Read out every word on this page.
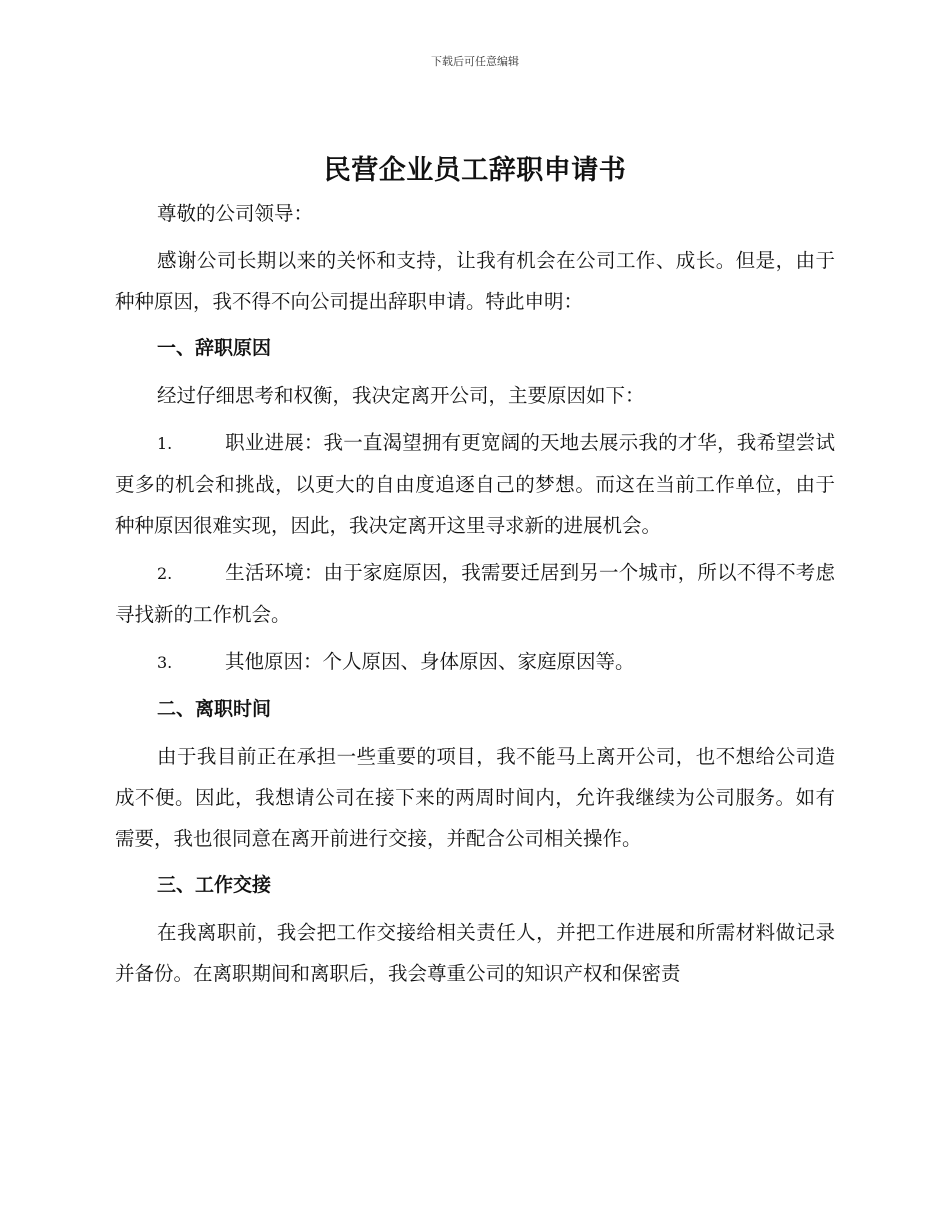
下载后可任意编辑
民营企业员工辞职申请书

尊敬的公司领导：

感谢公司长期以来的关怀和支持，让我有机会在公司工作、成长。但是，由于种种原因，我不得不向公司提出辞职申请。特此申明：

一、辞职原因

经过仔细思考和权衡，我决定离开公司，主要原因如下：

1.	职业进展：我一直渴望拥有更宽阔的天地去展示我的才华，我希望尝试更多的机会和挑战，以更大的自由度追逐自己的梦想。而这在当前工作单位，由于种种原因很难实现，因此，我决定离开这里寻求新的进展机会。

2.	生活环境：由于家庭原因，我需要迁居到另一个城市，所以不得不考虑寻找新的工作机会。

3.	其他原因：个人原因、身体原因、家庭原因等。

二、离职时间

由于我目前正在承担一些重要的项目，我不能马上离开公司，也不想给公司造成不便。因此，我想请公司在接下来的两周时间内，允许我继续为公司服务。如有需要，我也很同意在离开前进行交接，并配合公司相关操作。

三、工作交接

在我离职前，我会把工作交接给相关责任人，并把工作进展和所需材料做记录并备份。在离职期间和离职后，我会尊重公司的知识产权和保密责
